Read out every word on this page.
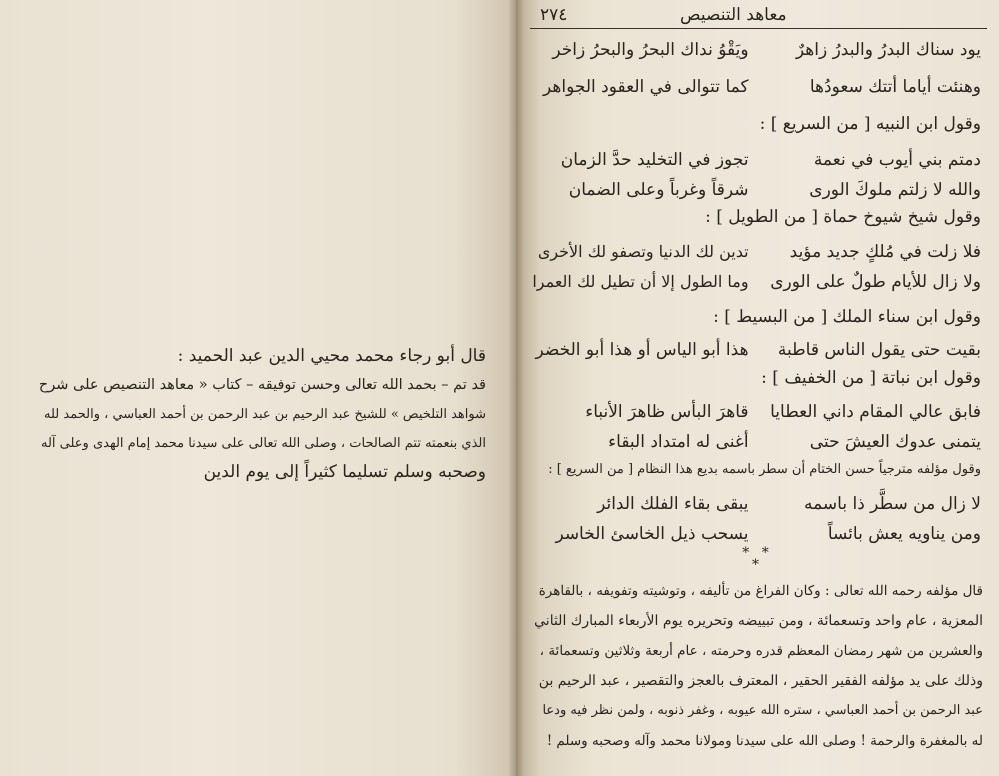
قال أبو رجاء محمد محيي الدين عبد الحميد :
قد تم – بحمد الله تعالى وحسن توفيقه – كتاب « معاهد التنصيص على شرح
شواهد التلخيص » للشيخ عبد الرحيم بن عبد الرحمن بن أحمد العباسي ، والحمد لله
الذي بنعمته تتم الصالحات ، وصلى الله تعالى على سيدنا محمد إمام الهدى وعلى آله
وصحبه وسلم تسليما كثيراً إلى يوم الدين
معاهد التنصيص
٢٧٤
يود سناك البدرُ والبدرُ زاهرٌ
ويَقْوُ نداك البحرُ والبحرُ زاخر
وهنئت أياما أتتك سعودُها
كما تتوالى في العقود الجواهر
وقول ابن النبيه [ من السريع ] :
دمتم بني أيوب في نعمة
تجوز في التخليد حدَّ الزمان
والله لا زلتم ملوكَ الورى
شرقاً وغرباً وعلى الضمان
وقول شيخ شيوخ حماة [ من الطويل ] :
فلا زلت في مُلكٍ جديد مؤيد
تدين لك الدنيا وتصفو لك الأخرى
ولا زال للأيام طولٌ على الورى
وما الطول إلا أن تطيل لك العمرا
وقول ابن سناء الملك [ من البسيط ] :
بقيت حتى يقول الناس قاطبة
هذا أبو الياس أو هذا أبو الخضر
وقول ابن نباتة [ من الخفيف ] :
فابق عالي المقام داني العطايا
قاهرَ البأس ظاهرَ الأنباء
يتمنى عدوك العيشَ حتى
أغنى له امتداد البقاء
وقول مؤلفه مترجياً حسن الختام أن سطر باسمه بديع هذا النظام [ من السريع ] :
لا زال من سطَّر ذا باسمه
يبقى بقاء الفلك الدائر
ومن يناويه يعش بائساً
يسحب ذيل الخاسئ الخاسر
* *
*
قال مؤلفه رحمه الله تعالى : وكان الفراغ من تأليفه ، وتوشيته وتفويفه ، بالقاهرة
المعزية ، عام واحد وتسعمائة ، ومن تبييضه وتحريره يوم الأربعاء المبارك الثاني
والعشرين من شهر رمضان المعظم قدره وحرمته ، عام أربعة وثلاثين وتسعمائة ،
وذلك على يد مؤلفه الفقير الحقير ، المعترف بالعجز والتقصير ، عبد الرحيم بن
عبد الرحمن بن أحمد العباسي ، ستره الله عيوبه ، وغفر ذنوبه ، ولمن نظر فيه ودعا
له بالمغفرة والرحمة ! وصلى الله على سيدنا ومولانا محمد وآله وصحبه وسلم !
